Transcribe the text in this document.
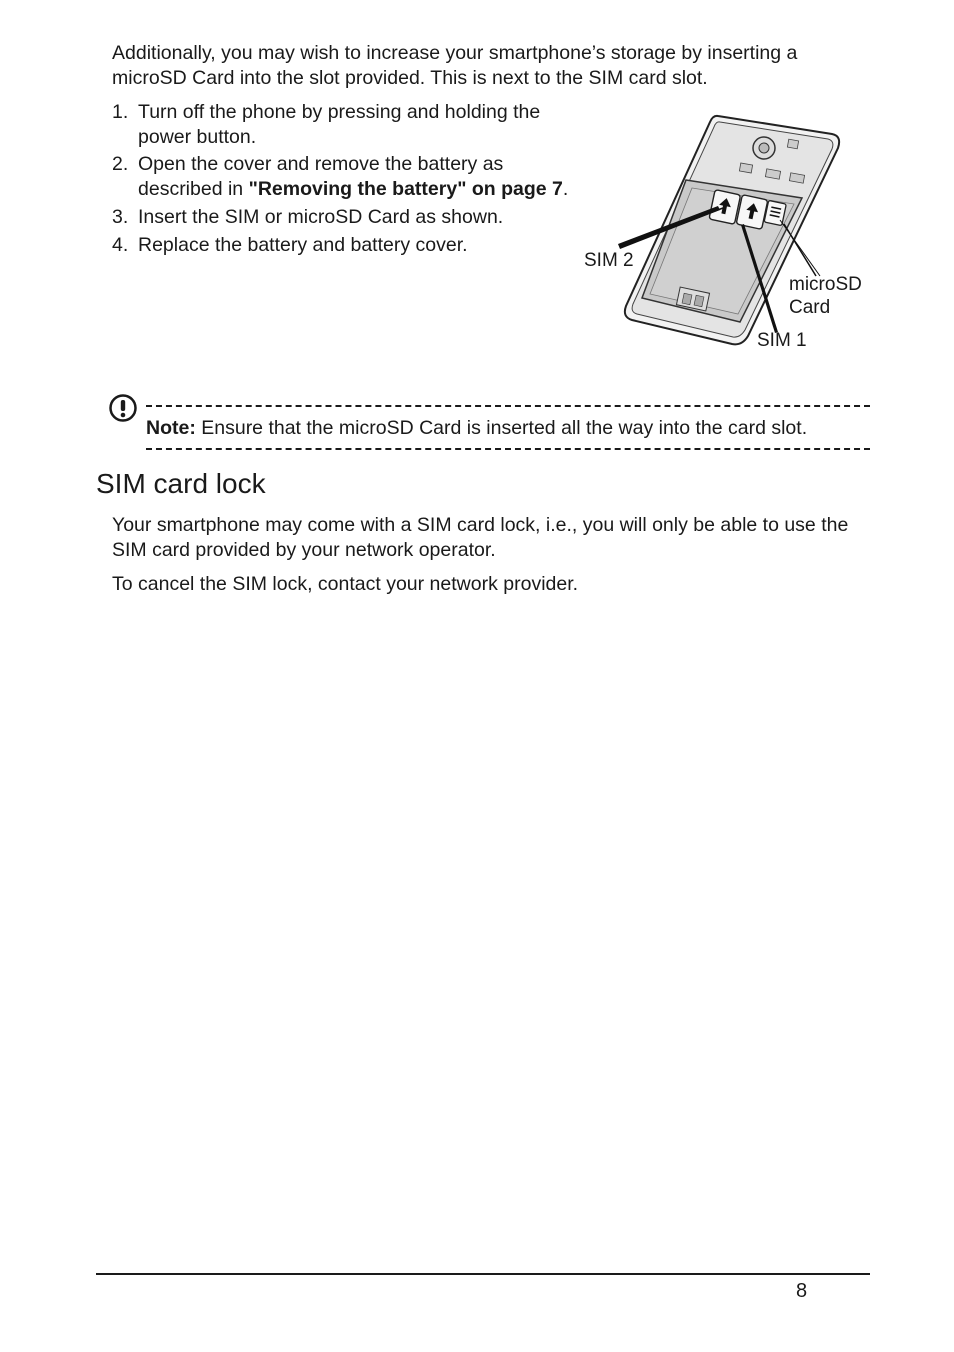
Additionally, you may wish to increase your smartphone’s storage by inserting a microSD Card into the slot provided. This is next to the SIM card slot.

1. Turn off the phone by pressing and holding the power button.
2. Open the cover and remove the battery as described in "Removing the battery" on page 7.
3. Insert the SIM or microSD Card as shown.
4. Replace the battery and battery cover.
SIM 2
microSD
Card
SIM 1
Note: Ensure that the microSD Card is inserted all the way into the card slot.
SIM card lock

Your smartphone may come with a SIM card lock, i.e., you will only be able to use the SIM card provided by your network operator.

To cancel the SIM lock, contact your network provider.

8
